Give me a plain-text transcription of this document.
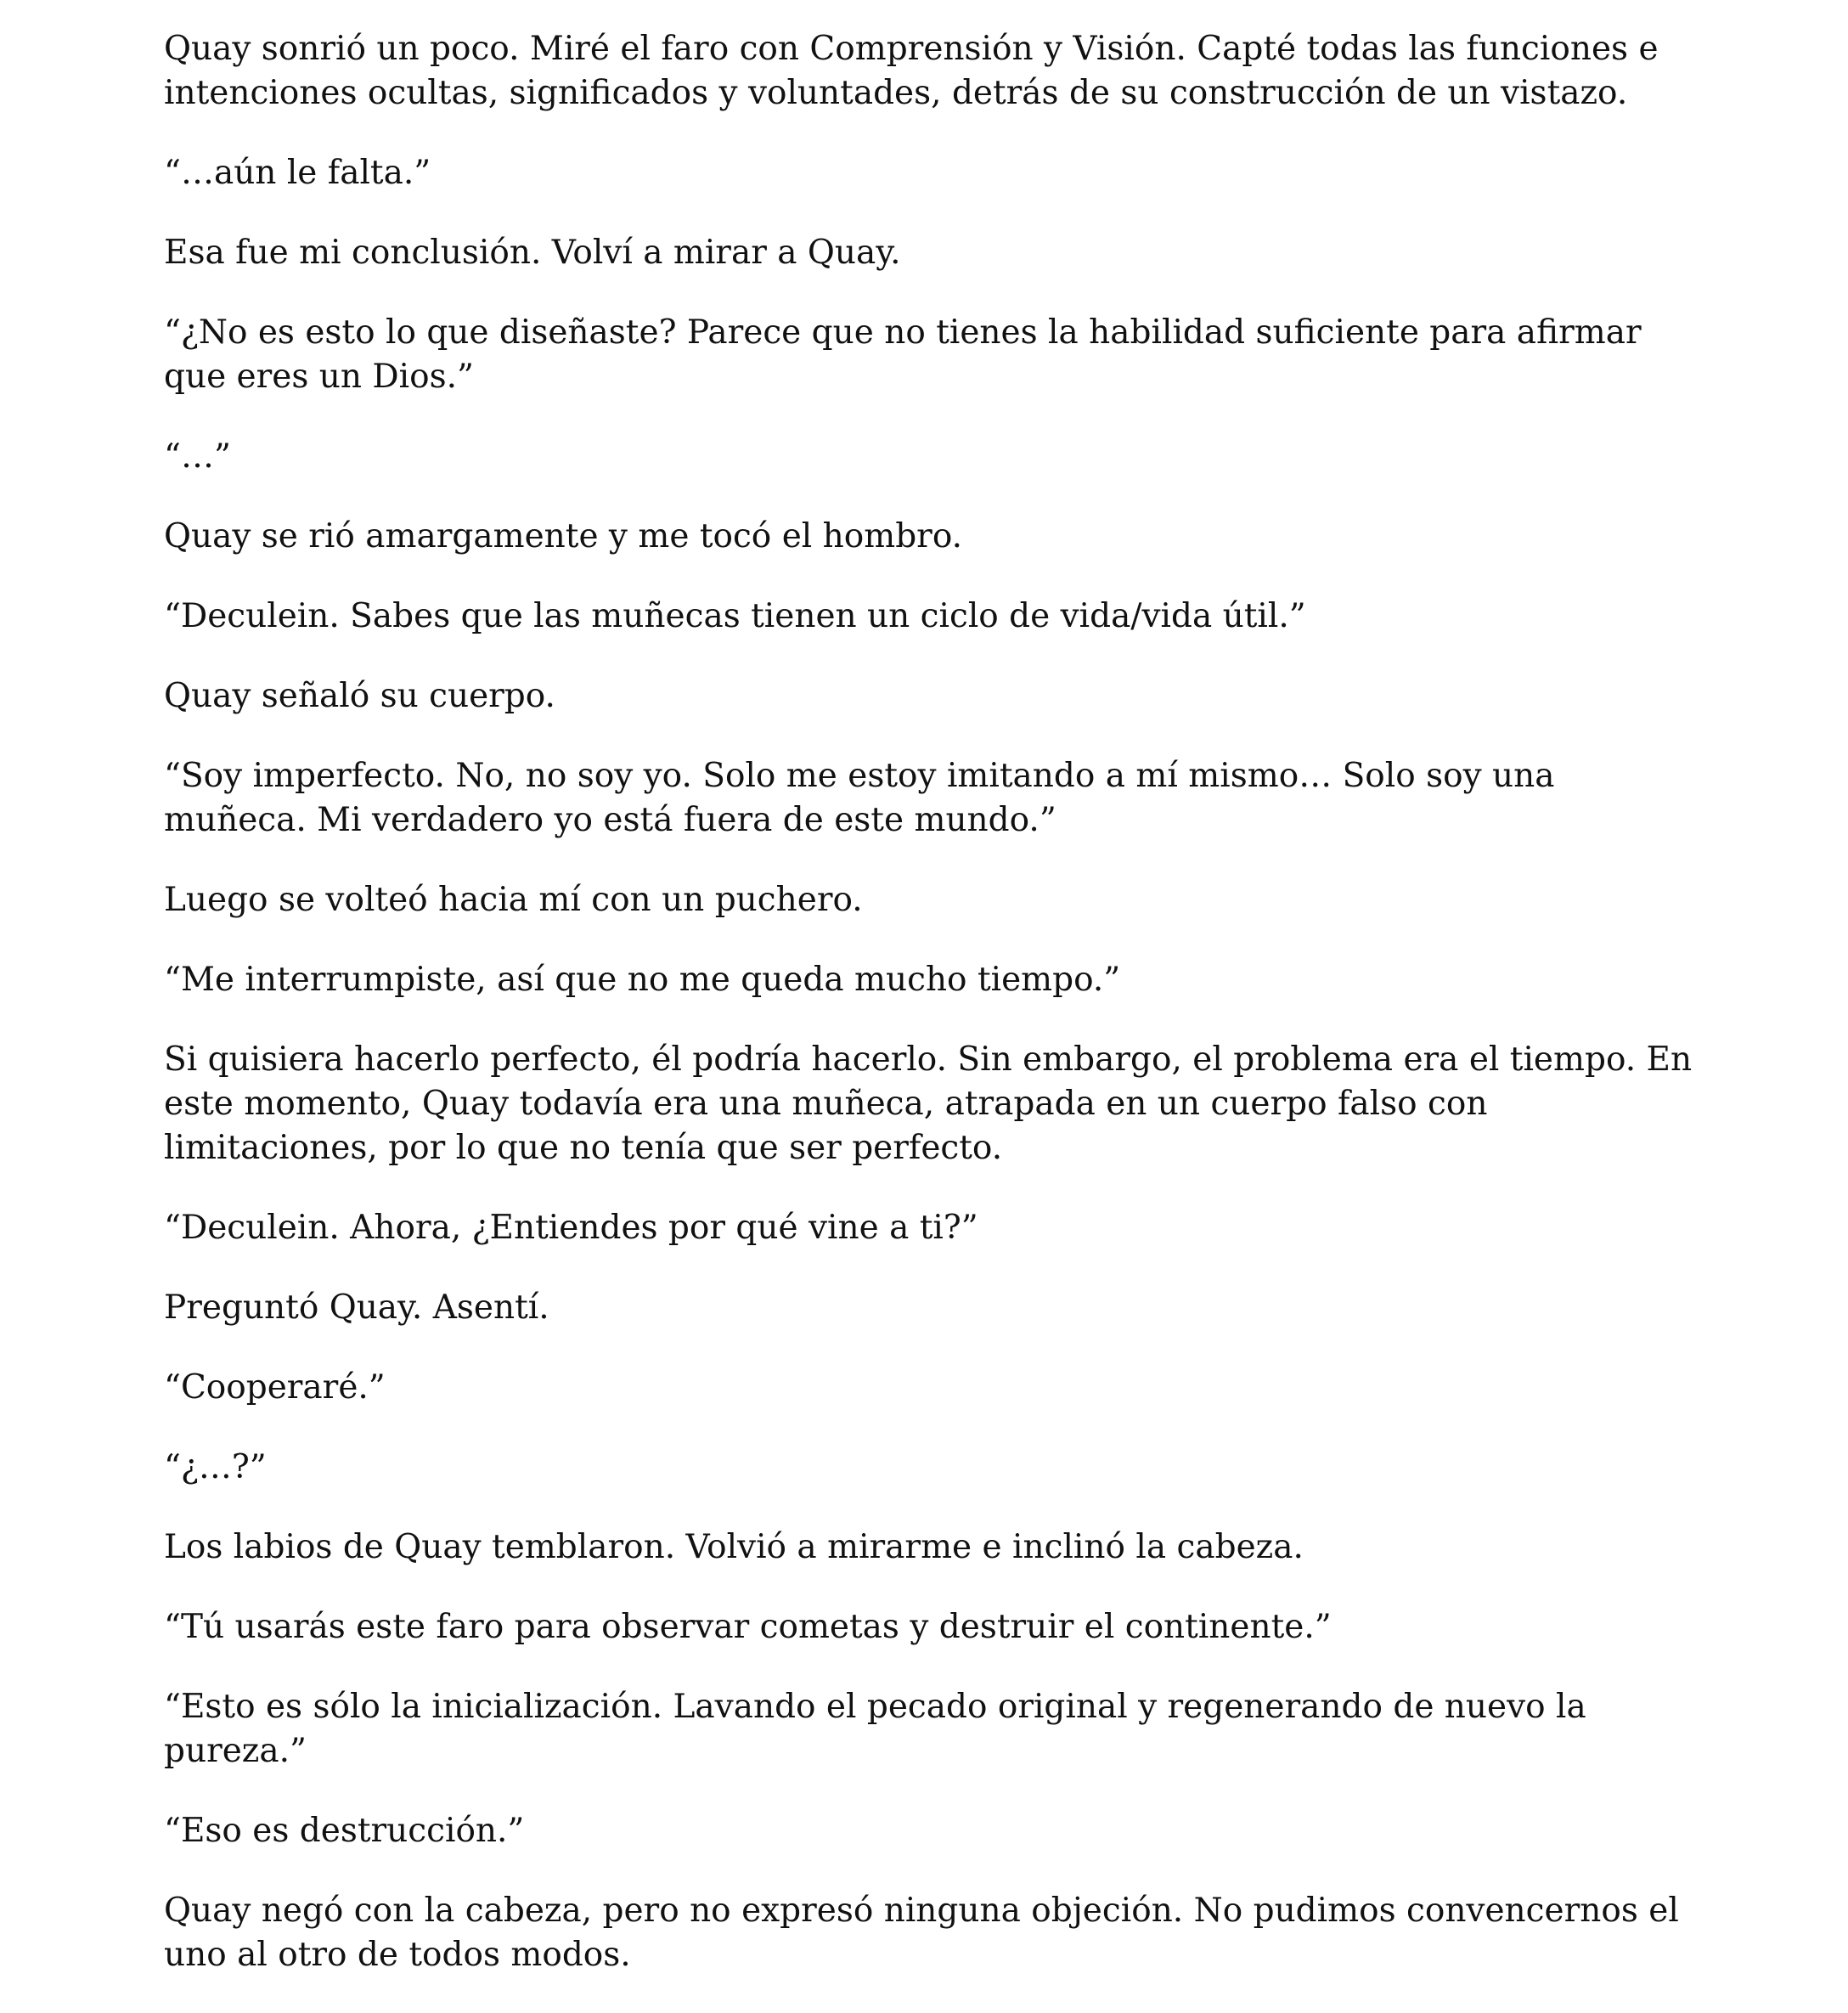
Quay sonrió un poco. Miré el faro con Comprensión y Visión. Capté todas las funciones e intenciones ocultas, significados y voluntades, detrás de su construcción de un vistazo.

“…aún le falta.”

Esa fue mi conclusión. Volví a mirar a Quay.

“¿No es esto lo que diseñaste? Parece que no tienes la habilidad suficiente para afirmar que eres un Dios.”

“…”

Quay se rió amargamente y me tocó el hombro.

“Deculein. Sabes que las muñecas tienen un ciclo de vida/vida útil.”

Quay señaló su cuerpo.

“Soy imperfecto. No, no soy yo. Solo me estoy imitando a mí mismo… Solo soy una muñeca. Mi verdadero yo está fuera de este mundo.”

Luego se volteó hacia mí con un puchero.

“Me interrumpiste, así que no me queda mucho tiempo.”

Si quisiera hacerlo perfecto, él podría hacerlo. Sin embargo, el problema era el tiempo. En este momento, Quay todavía era una muñeca, atrapada en un cuerpo falso con limitaciones, por lo que no tenía que ser perfecto.

“Deculein. Ahora, ¿Entiendes por qué vine a ti?”

Preguntó Quay. Asentí.

“Cooperaré.”

“¿…?”

Los labios de Quay temblaron. Volvió a mirarme e inclinó la cabeza.

“Tú usarás este faro para observar cometas y destruir el continente.”

“Esto es sólo la inicialización. Lavando el pecado original y regenerando de nuevo la pureza.”

“Eso es destrucción.”

Quay negó con la cabeza, pero no expresó ninguna objeción. No pudimos convencernos el uno al otro de todos modos.
